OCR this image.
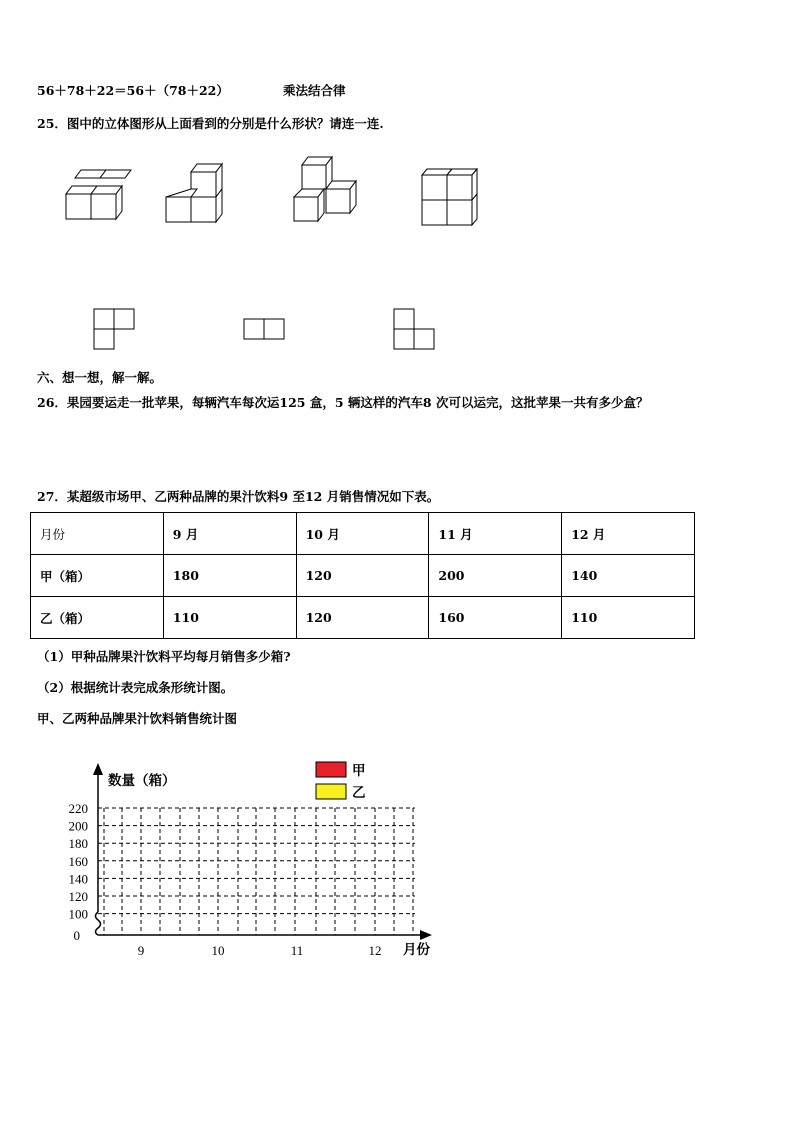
56＋78＋22＝56＋（78＋22）	乘法结合律
25．图中的立体图形从上面看到的分别是什么形状？请连一连.
六、想一想，解一解。
26．果园要运走一批苹果，每辆汽车每次运125 盒，5 辆这样的汽车8 次可以运完，这批苹果一共有多少盒？
27．某超级市场甲、乙两种品牌的果汁饮料9 至12 月销售情况如下表。
月份	9 月	10 月	11 月	12 月
甲（箱）	180	120	200	140
乙（箱）	110	120	160	110
（1）甲种品牌果汁饮料平均每月销售多少箱?
（2）根据统计表完成条形统计图。
甲、乙两种品牌果汁饮料销售统计图
100
120
140
160
180
200
220
0
9	10	11	12
数量（箱）
月份
甲
乙
